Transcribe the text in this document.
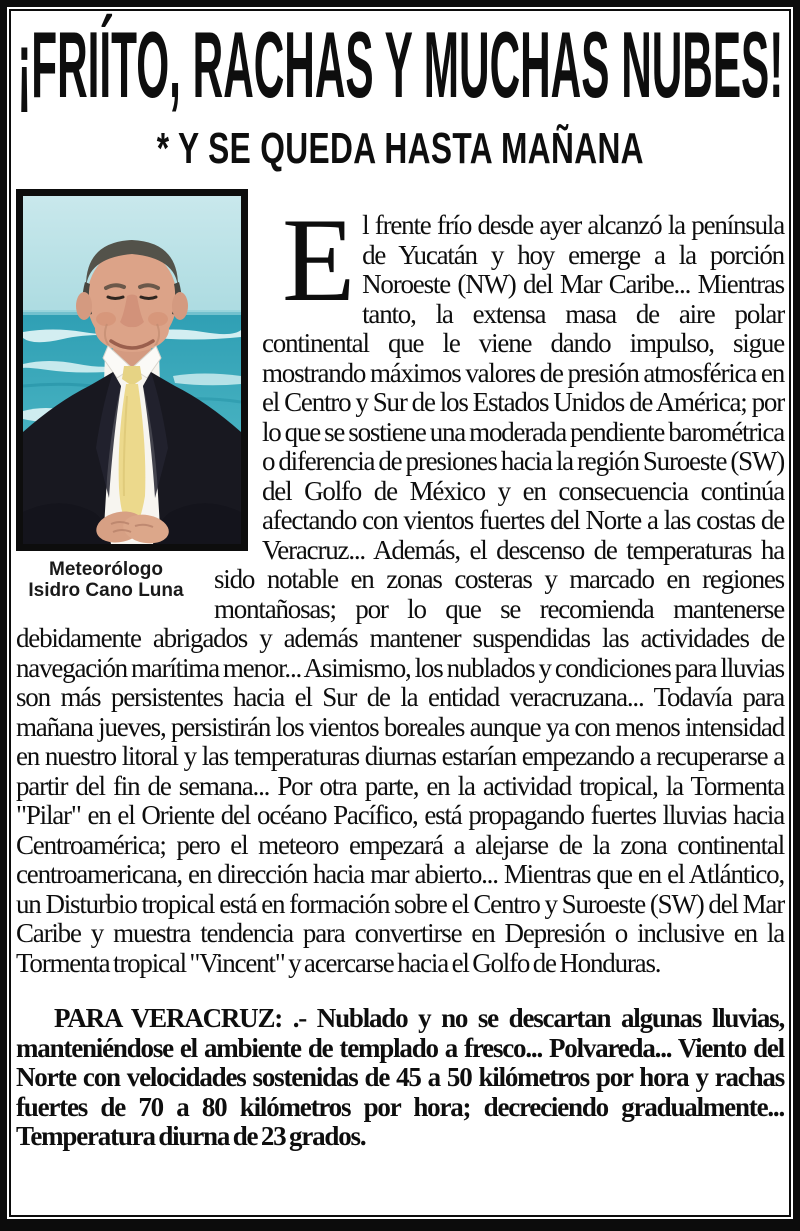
¡FRIÍTO, RACHAS Y MUCHAS NUBES!
* Y SE QUEDA HASTA MAÑANA
Meteorólogo
Isidro Cano Luna

El frente frío desde ayer alcanzó la península de Yucatán y hoy emerge a la porción Noroeste (NW) del Mar Caribe... Mientras tanto, la extensa masa de aire polar continental que le viene dando impulso, sigue mostrando máximos valores de presión atmosférica en el Centro y Sur de los Estados Unidos de América; por lo que se sostiene una moderada pendiente barométrica o diferencia de presiones hacia la región Suroeste (SW) del Golfo de México y en consecuencia continúa afectando con vientos fuertes del Norte a las costas de Veracruz... Además, el descenso de temperaturas ha sido notable en zonas costeras y marcado en regiones montañosas; por lo que se recomienda mantenerse debidamente abrigados y además mantener suspendidas las actividades de navegación marítima menor... Asimismo, los nublados y condiciones para lluvias son más persistentes hacia el Sur de la entidad veracruzana... Todavía para mañana jueves, persistirán los vientos boreales aunque ya con menos intensidad en nuestro litoral y las temperaturas diurnas estarían empezando a recuperarse a partir del fin de semana... Por otra parte, en la actividad tropical, la Tormenta "Pilar" en el Oriente del océano Pacífico, está propagando fuertes lluvias hacia Centroamérica; pero el meteoro empezará a alejarse de la zona continental centroamericana, en dirección hacia mar abierto... Mientras que en el Atlántico, un Disturbio tropical está en formación sobre el Centro y Suroeste (SW) del Mar Caribe y muestra tendencia para convertirse en Depresión o inclusive en la Tormenta tropical "Vincent" y acercarse hacia el Golfo de Honduras.

PARA VERACRUZ: .- Nublado y no se descartan algunas lluvias, manteniéndose el ambiente de templado a fresco... Polvareda... Viento del Norte con velocidades sostenidas de 45 a 50 kilómetros por hora y rachas fuertes de 70 a 80 kilómetros por hora; decreciendo gradualmente... Temperatura diurna de 23 grados.
